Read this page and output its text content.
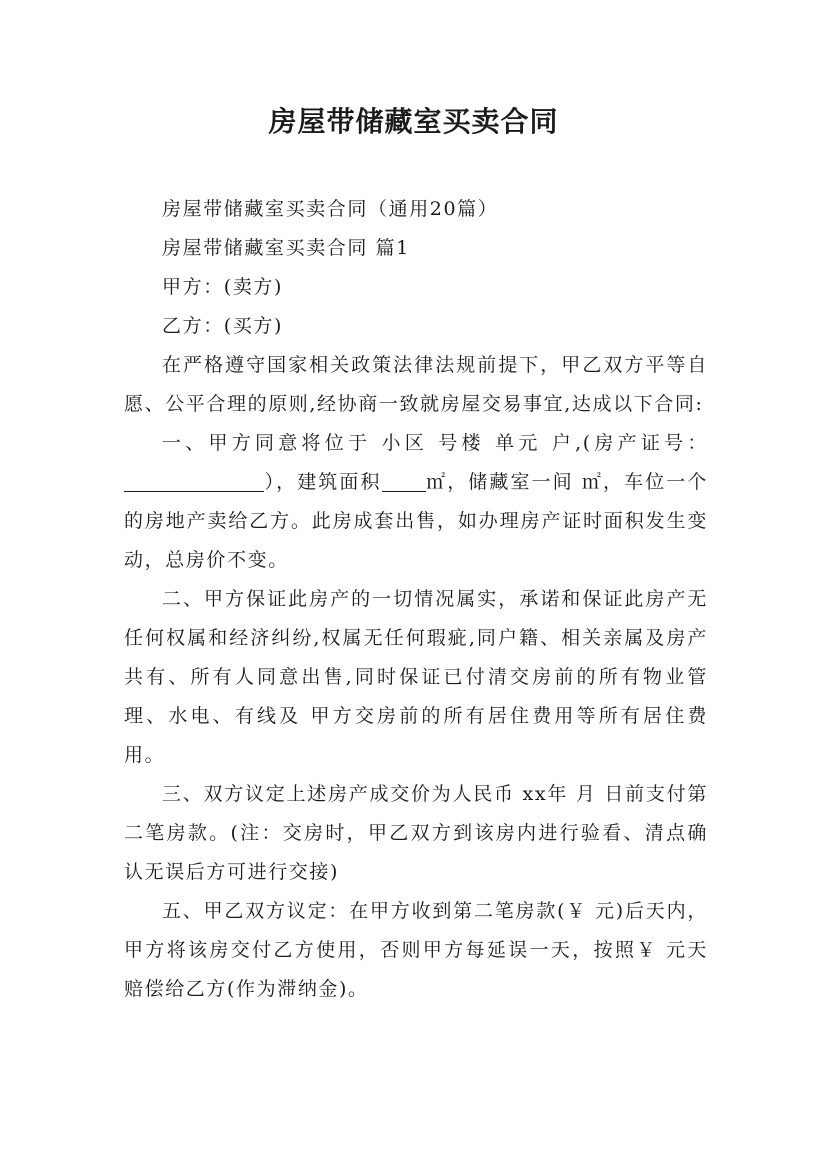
房屋带储藏室买卖合同

房屋带储藏室买卖合同（通用20篇）

房屋带储藏室买卖合同 篇1

甲方：(卖方)

乙方：(买方)

在严格遵守国家相关政策法律法规前提下，甲乙双方平等自愿、公平合理的原则,经协商一致就房屋交易事宜,达成以下合同:

一、甲方同意将位于 小区 号楼 单元 户,(房产证号：），建筑面积 ㎡，储藏室一间 ㎡，车位一个的房地产卖给乙方。此房成套出售，如办理房产证时面积发生变动，总房价不变。

二、甲方保证此房产的一切情况属实，承诺和保证此房产无任何权属和经济纠纷,权属无任何瑕疵,同户籍、相关亲属及房产共有、所有人同意出售,同时保证已付清交房前的所有物业管理、水电、有线及 甲方交房前的所有居住费用等所有居住费用。

三、双方议定上述房产成交价为人民币 xx年 月 日前支付第二笔房款。(注：交房时，甲乙双方到该房内进行验看、清点确认无误后方可进行交接)

五、甲乙双方议定：在甲方收到第二笔房款(￥ 元)后天内，甲方将该房交付乙方使用，否则甲方每延误一天，按照￥ 元天赔偿给乙方(作为滞纳金)。
